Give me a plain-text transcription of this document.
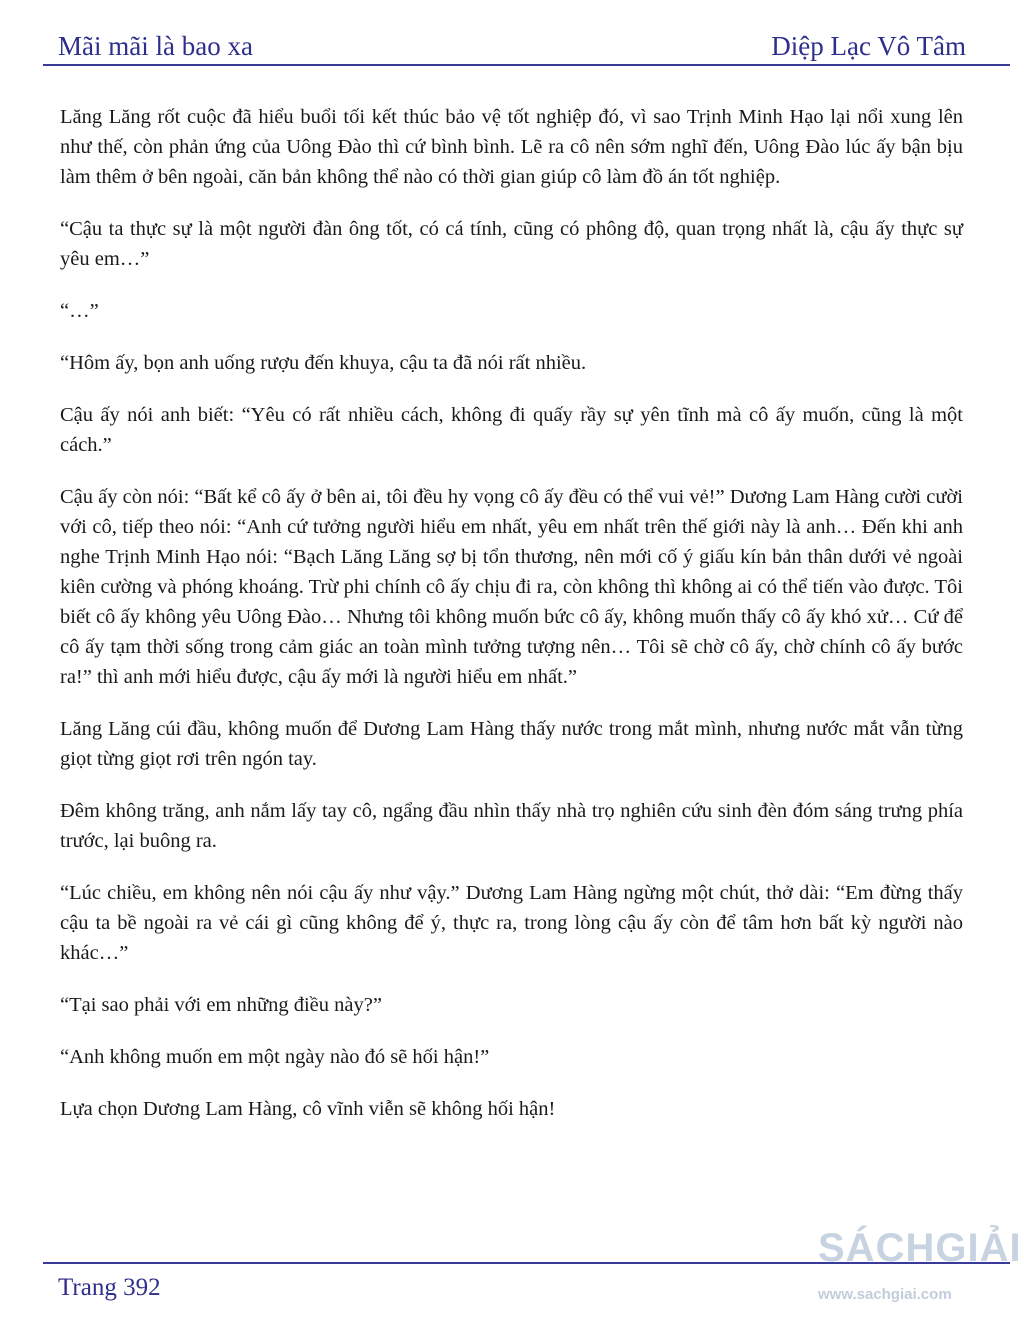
Mãi mãi là bao xa	Diệp Lạc Vô Tâm

Lăng Lăng rốt cuộc đã hiểu buổi tối kết thúc bảo vệ tốt nghiệp đó, vì sao Trịnh Minh Hạo lại nổi xung lên như thế, còn phản ứng của Uông Đào thì cứ bình bình. Lẽ ra cô nên sớm nghĩ đến, Uông Đào lúc ấy bận bịu làm thêm ở bên ngoài, căn bản không thể nào có thời gian giúp cô làm đồ án tốt nghiệp.

“Cậu ta thực sự là một người đàn ông tốt, có cá tính, cũng có phông độ, quan trọng nhất là, cậu ấy thực sự yêu em…”

“…”

“Hôm ấy, bọn anh uống rượu đến khuya, cậu ta đã nói rất nhiều.

Cậu ấy nói anh biết: “Yêu có rất nhiều cách, không đi quấy rầy sự yên tĩnh mà cô ấy muốn, cũng là một cách.”

Cậu ấy còn nói: “Bất kể cô ấy ở bên ai, tôi đều hy vọng cô ấy đều có thể vui vẻ!” Dương Lam Hàng cười cười với cô, tiếp theo nói: “Anh cứ tưởng người hiểu em nhất, yêu em nhất trên thế giới này là anh… Đến khi anh nghe Trịnh Minh Hạo nói: “Bạch Lăng Lăng sợ bị tổn thương, nên mới cố ý giấu kín bản thân dưới vẻ ngoài kiên cường và phóng khoáng. Trừ phi chính cô ấy chịu đi ra, còn không thì không ai có thể tiến vào được. Tôi biết cô ấy không yêu Uông Đào… Nhưng tôi không muốn bức cô ấy, không muốn thấy cô ấy khó xử… Cứ để cô ấy tạm thời sống trong cảm giác an toàn mình tưởng tượng nên… Tôi sẽ chờ cô ấy, chờ chính cô ấy bước ra!” thì anh mới hiểu được, cậu ấy mới là người hiểu em nhất.”

Lăng Lăng cúi đầu, không muốn để Dương Lam Hàng thấy nước trong mắt mình, nhưng nước mắt vẫn từng giọt từng giọt rơi trên ngón tay.

Đêm không trăng, anh nắm lấy tay cô, ngẩng đầu nhìn thấy nhà trọ nghiên cứu sinh đèn đóm sáng trưng phía trước, lại buông ra.

“Lúc chiều, em không nên nói cậu ấy như vậy.” Dương Lam Hàng ngừng một chút, thở dài: “Em đừng thấy cậu ta bề ngoài ra vẻ cái gì cũng không để ý, thực ra, trong lòng cậu ấy còn để tâm hơn bất kỳ người nào khác…”

“Tại sao phải với em những điều này?”

“Anh không muốn em một ngày nào đó sẽ hối hận!”

Lựa chọn Dương Lam Hàng, cô vĩnh viễn sẽ không hối hận!

Trang 392
SÁCHGIẢI
www.sachgiai.com
